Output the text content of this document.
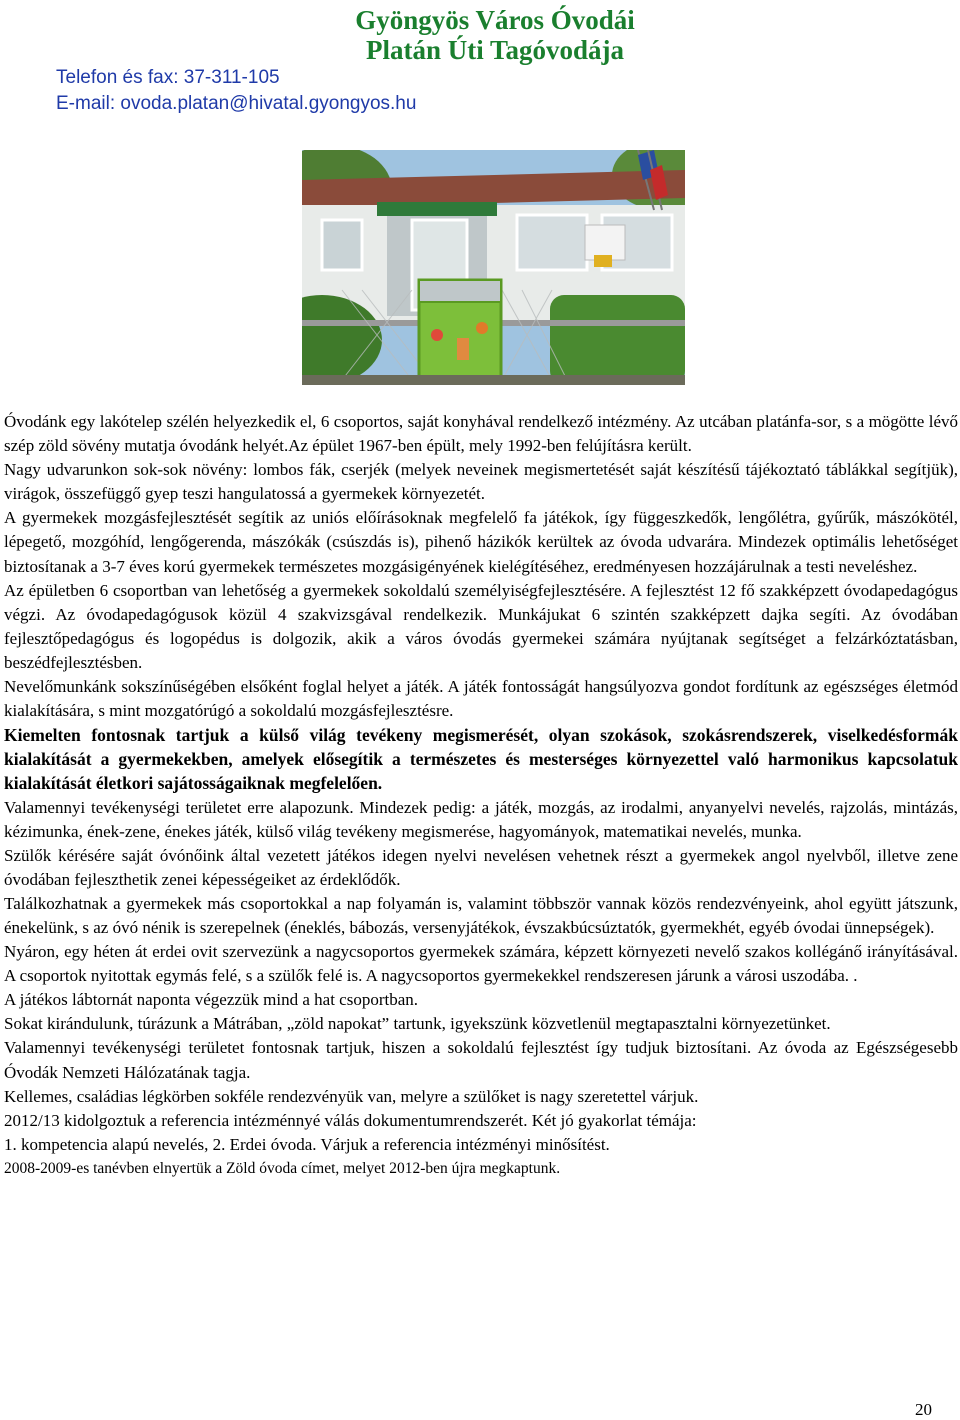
Gyöngyös Város Óvodái
Platán Úti Tagóvodája
Telefon és fax: 37-311-105
E-mail: ovoda.platan@hivatal.gyongyos.hu

Óvodánk egy lakótelep szélén helyezkedik el, 6 csoportos, saját konyhával rendelkező intézmény. Az utcában platánfa-sor, s a mögötte lévő szép zöld sövény mutatja óvodánk helyét.Az épület 1967-ben épült, mely 1992-ben felújításra került.

Nagy udvarunkon sok-sok növény: lombos fák, cserjék (melyek neveinek megismertetését saját készítésű tájékoztató táblákkal segítjük), virágok, összefüggő gyep teszi hangulatossá a gyermekek környezetét.

A gyermekek mozgásfejlesztését segítik az uniós előírásoknak megfelelő fa játékok, így függeszkedők, lengőlétra, gyűrűk, mászókötél, lépegető, mozgóhíd, lengőgerenda, mászókák (csúszdás is), pihenő házikók kerültek az óvoda udvarára. Mindezek optimális lehetőséget biztosítanak a 3-7 éves korú gyermekek természetes mozgásigényének kielégítéséhez, eredményesen hozzájárulnak a testi neveléshez.

Az épületben 6 csoportban van lehetőség a gyermekek sokoldalú személyiségfejlesztésére. A fejlesztést 12 fő szakképzett óvodapedagógus végzi. Az óvodapedagógusok közül 4 szakvizsgával rendelkezik. Munkájukat 6 szintén szakképzett dajka segíti. Az óvodában fejlesztőpedagógus és logopédus is dolgozik, akik a város óvodás gyermekei számára nyújtanak segítséget a felzárkóztatásban, beszédfejlesztésben.

Nevelőmunkánk sokszínűségében elsőként foglal helyet a játék. A játék fontosságát hangsúlyozva gondot fordítunk az egészséges életmód kialakítására, s mint mozgatórúgó a sokoldalú mozgásfejlesztésre.

Kiemelten fontosnak tartjuk a külső világ tevékeny megismerését, olyan szokások, szokásrendszerek, viselkedésformák kialakítását a gyermekekben, amelyek elősegítik a természetes és mesterséges környezettel való harmonikus kapcsolatuk kialakítását életkori sajátosságaiknak megfelelően.

Valamennyi tevékenységi területet erre alapozunk. Mindezek pedig: a játék, mozgás, az irodalmi, anyanyelvi nevelés, rajzolás, mintázás, kézimunka, ének-zene, énekes játék, külső világ tevékeny megismerése, hagyományok, matematikai nevelés, munka.

Szülők kérésére saját óvónőink által vezetett játékos idegen nyelvi nevelésen vehetnek részt a gyermekek angol nyelvből, illetve zene óvodában fejleszthetik zenei képességeiket az érdeklődők.

Találkozhatnak a gyermekek más csoportokkal a nap folyamán is, valamint többször vannak közös rendezvényeink, ahol együtt játszunk, énekelünk, s az óvó nénik is szerepelnek (éneklés, bábozás, versenyjátékok, évszakbúcsúztatók, gyermekhét, egyéb óvodai ünnepségek).

Nyáron, egy héten át erdei ovit szervezünk a nagycsoportos gyermekek számára, képzett környezeti nevelő szakos kollégánő irányításával. A csoportok nyitottak egymás felé, s a szülők felé is. A nagycsoportos gyermekekkel rendszeresen járunk a városi uszodába. .

A játékos lábtornát naponta végezzük mind a hat csoportban.

Sokat kirándulunk, túrázunk a Mátrában, „zöld napokat” tartunk, igyekszünk közvetlenül megtapasztalni környezetünket.

Valamennyi tevékenységi területet fontosnak tartjuk, hiszen a sokoldalú fejlesztést így tudjuk biztosítani. Az óvoda az Egészségesebb Óvodák Nemzeti Hálózatának tagja.

Kellemes, családias légkörben sokféle rendezvényük van, melyre a szülőket is nagy szeretettel várjuk.

2012/13 kidolgoztuk a referencia intézménnyé válás dokumentumrendszerét. Két jó gyakorlat témája:

1. kompetencia alapú nevelés, 2. Erdei óvoda. Várjuk a referencia intézményi minősítést.

2008-2009-es tanévben elnyertük a Zöld óvoda címet, melyet 2012-ben újra megkaptunk.

20
